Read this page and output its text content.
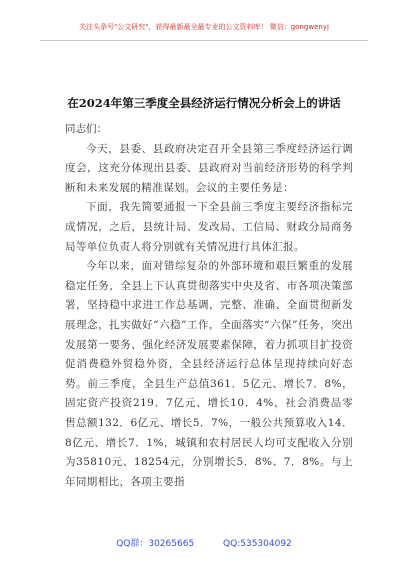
关注头条号"公文研究"，获得最新最全最专业的公文资料库！ 微信：gongwenyj
在2024年第三季度全县经济运行情况分析会上的讲话

同志们：

今天，县委、县政府决定召开全县第三季度经济运行调度会，这充分体现出县委、县政府对当前经济形势的科学判断和未来发展的精准谋划。会议的主要任务是：

下面，我先简要通报一下全县前三季度主要经济指标完成情况，之后，县统计局、发改局、工信局、财政分局商务局等单位负责人将分别就有关情况进行具体汇报。

今年以来，面对错综复杂的外部环境和艰巨繁重的发展稳定任务，全县上下认真贯彻落实中央及省、市各项决策部署，坚持稳中求进工作总基调，完整、准确、全面贯彻新发展理念，扎实做好“六稳”工作，全面落实“六保”任务，突出发展第一要务，强化经济发展要素保障，着力抓项目扩投资促消费稳外贸稳外资，全县经济运行总体呈现持续向好态势。前三季度，全县生产总值361．5亿元、增长7．8%，固定资产投资219．7亿元、增长10．4%，社会消费品零售总额132．6亿元、增长5．7%，一般公共预算收入14．8亿元、增长7．1%，城镇和农村居民人均可支配收入分别为35810元、18254元，分别增长5．8%、7．8%。与上年同期相比，各项主要指

QQ群：30265665	QQ:535304092
